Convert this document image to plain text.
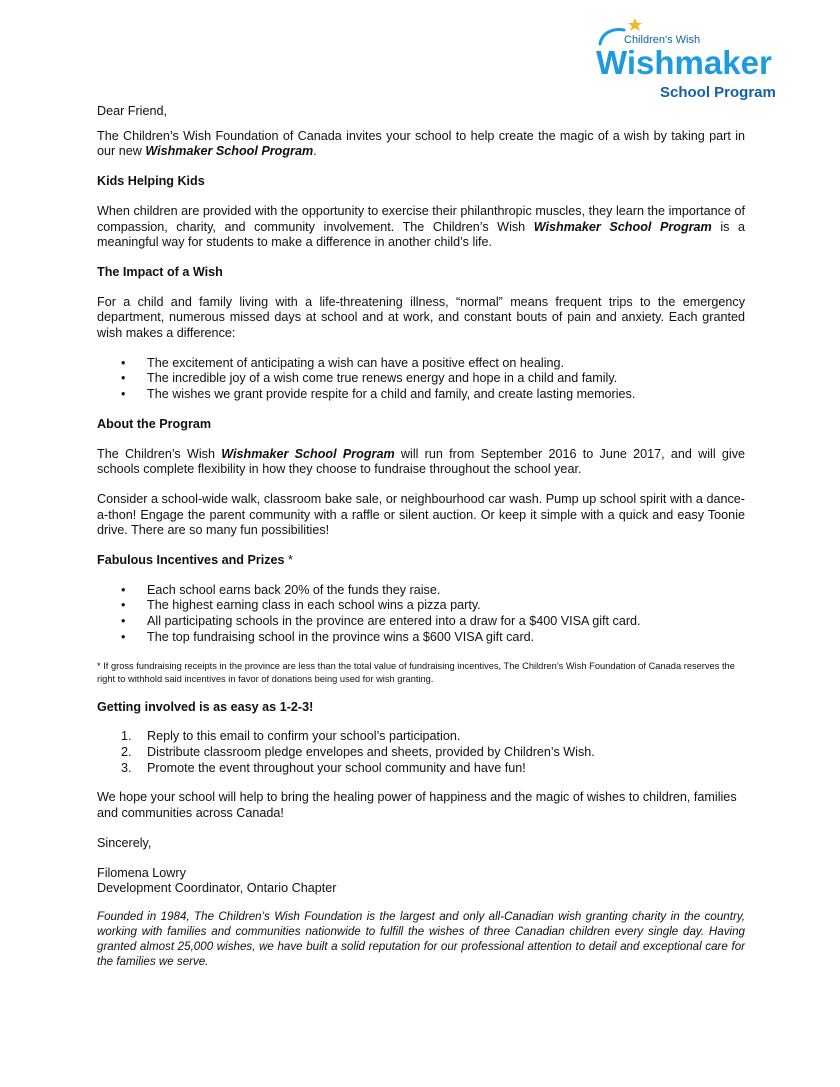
Children's Wish
Wishmaker
School Program

Dear Friend,

The Children’s Wish Foundation of Canada invites your school to help create the magic of a wish by taking part in our new Wishmaker School Program.

Kids Helping Kids

When children are provided with the opportunity to exercise their philanthropic muscles, they learn the importance of compassion, charity, and community involvement. The Children’s Wish Wishmaker School Program is a meaningful way for students to make a difference in another child’s life.

The Impact of a Wish

For a child and family living with a life-threatening illness, “normal” means frequent trips to the emergency department, numerous missed days at school and at work, and constant bouts of pain and anxiety. Each granted wish makes a difference:

• The excitement of anticipating a wish can have a positive effect on healing.
• The incredible joy of a wish come true renews energy and hope in a child and family.
• The wishes we grant provide respite for a child and family, and create lasting memories.
About the Program

The Children’s Wish Wishmaker School Program will run from September 2016 to June 2017, and will give schools complete flexibility in how they choose to fundraise throughout the school year.

Consider a school-wide walk, classroom bake sale, or neighbourhood car wash. Pump up school spirit with a dance-a-thon! Engage the parent community with a raffle or silent auction. Or keep it simple with a quick and easy Toonie drive. There are so many fun possibilities!

Fabulous Incentives and Prizes *
• Each school earns back 20% of the funds they raise.
• The highest earning class in each school wins a pizza party.
• All participating schools in the province are entered into a draw for a $400 VISA gift card.
• The top fundraising school in the province wins a $600 VISA gift card.

* If gross fundraising receipts in the province are less than the total value of fundraising incentives, The Children’s Wish Foundation of Canada reserves the right to withhold said incentives in favor of donations being used for wish granting.

Getting involved is as easy as 1-2-3!
1. Reply to this email to confirm your school’s participation.
2. Distribute classroom pledge envelopes and sheets, provided by Children’s Wish.
3. Promote the event throughout your school community and have fun!

We hope your school will help to bring the healing power of happiness and the magic of wishes to children, families and communities across Canada!

Sincerely,

Filomena Lowry

Development Coordinator, Ontario Chapter

Founded in 1984, The Children’s Wish Foundation is the largest and only all-Canadian wish granting charity in the country, working with families and communities nationwide to fulfill the wishes of three Canadian children every single day. Having granted almost 25,000 wishes, we have built a solid reputation for our professional attention to detail and exceptional care for the families we serve.
